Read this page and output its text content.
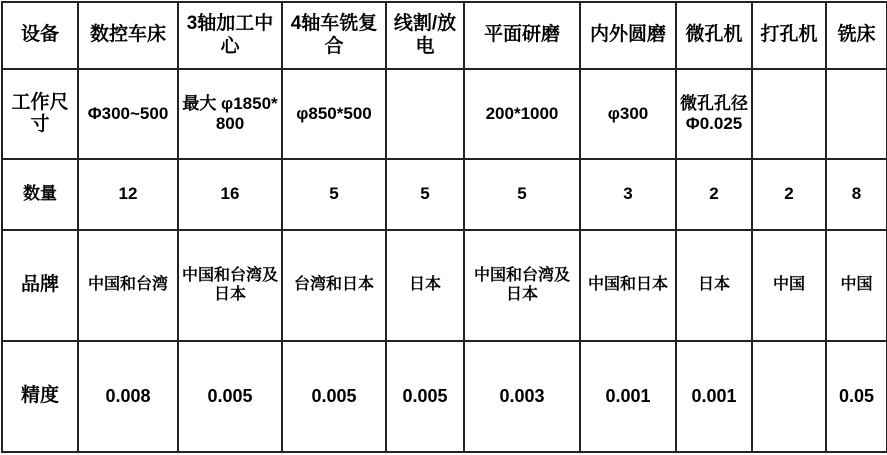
设备	数控车床	3轴加工中心	4轴车铣复合	线割/放电	平面研磨	内外圆磨	微孔机	打孔机	铣床
工作尺寸	Φ300~500	最大 φ1850*800	φ850*500		200*1000	φ300	微孔孔径 Φ0.025		
数量	12	16	5	5	5	3	2	2	8
品牌	中国和台湾	中国和台湾及日本	台湾和日本	日本	中国和台湾及日本	中国和日本	日本	中国	中国
精度	0.008	0.005	0.005	0.005	0.003	0.001	0.001		0.05
